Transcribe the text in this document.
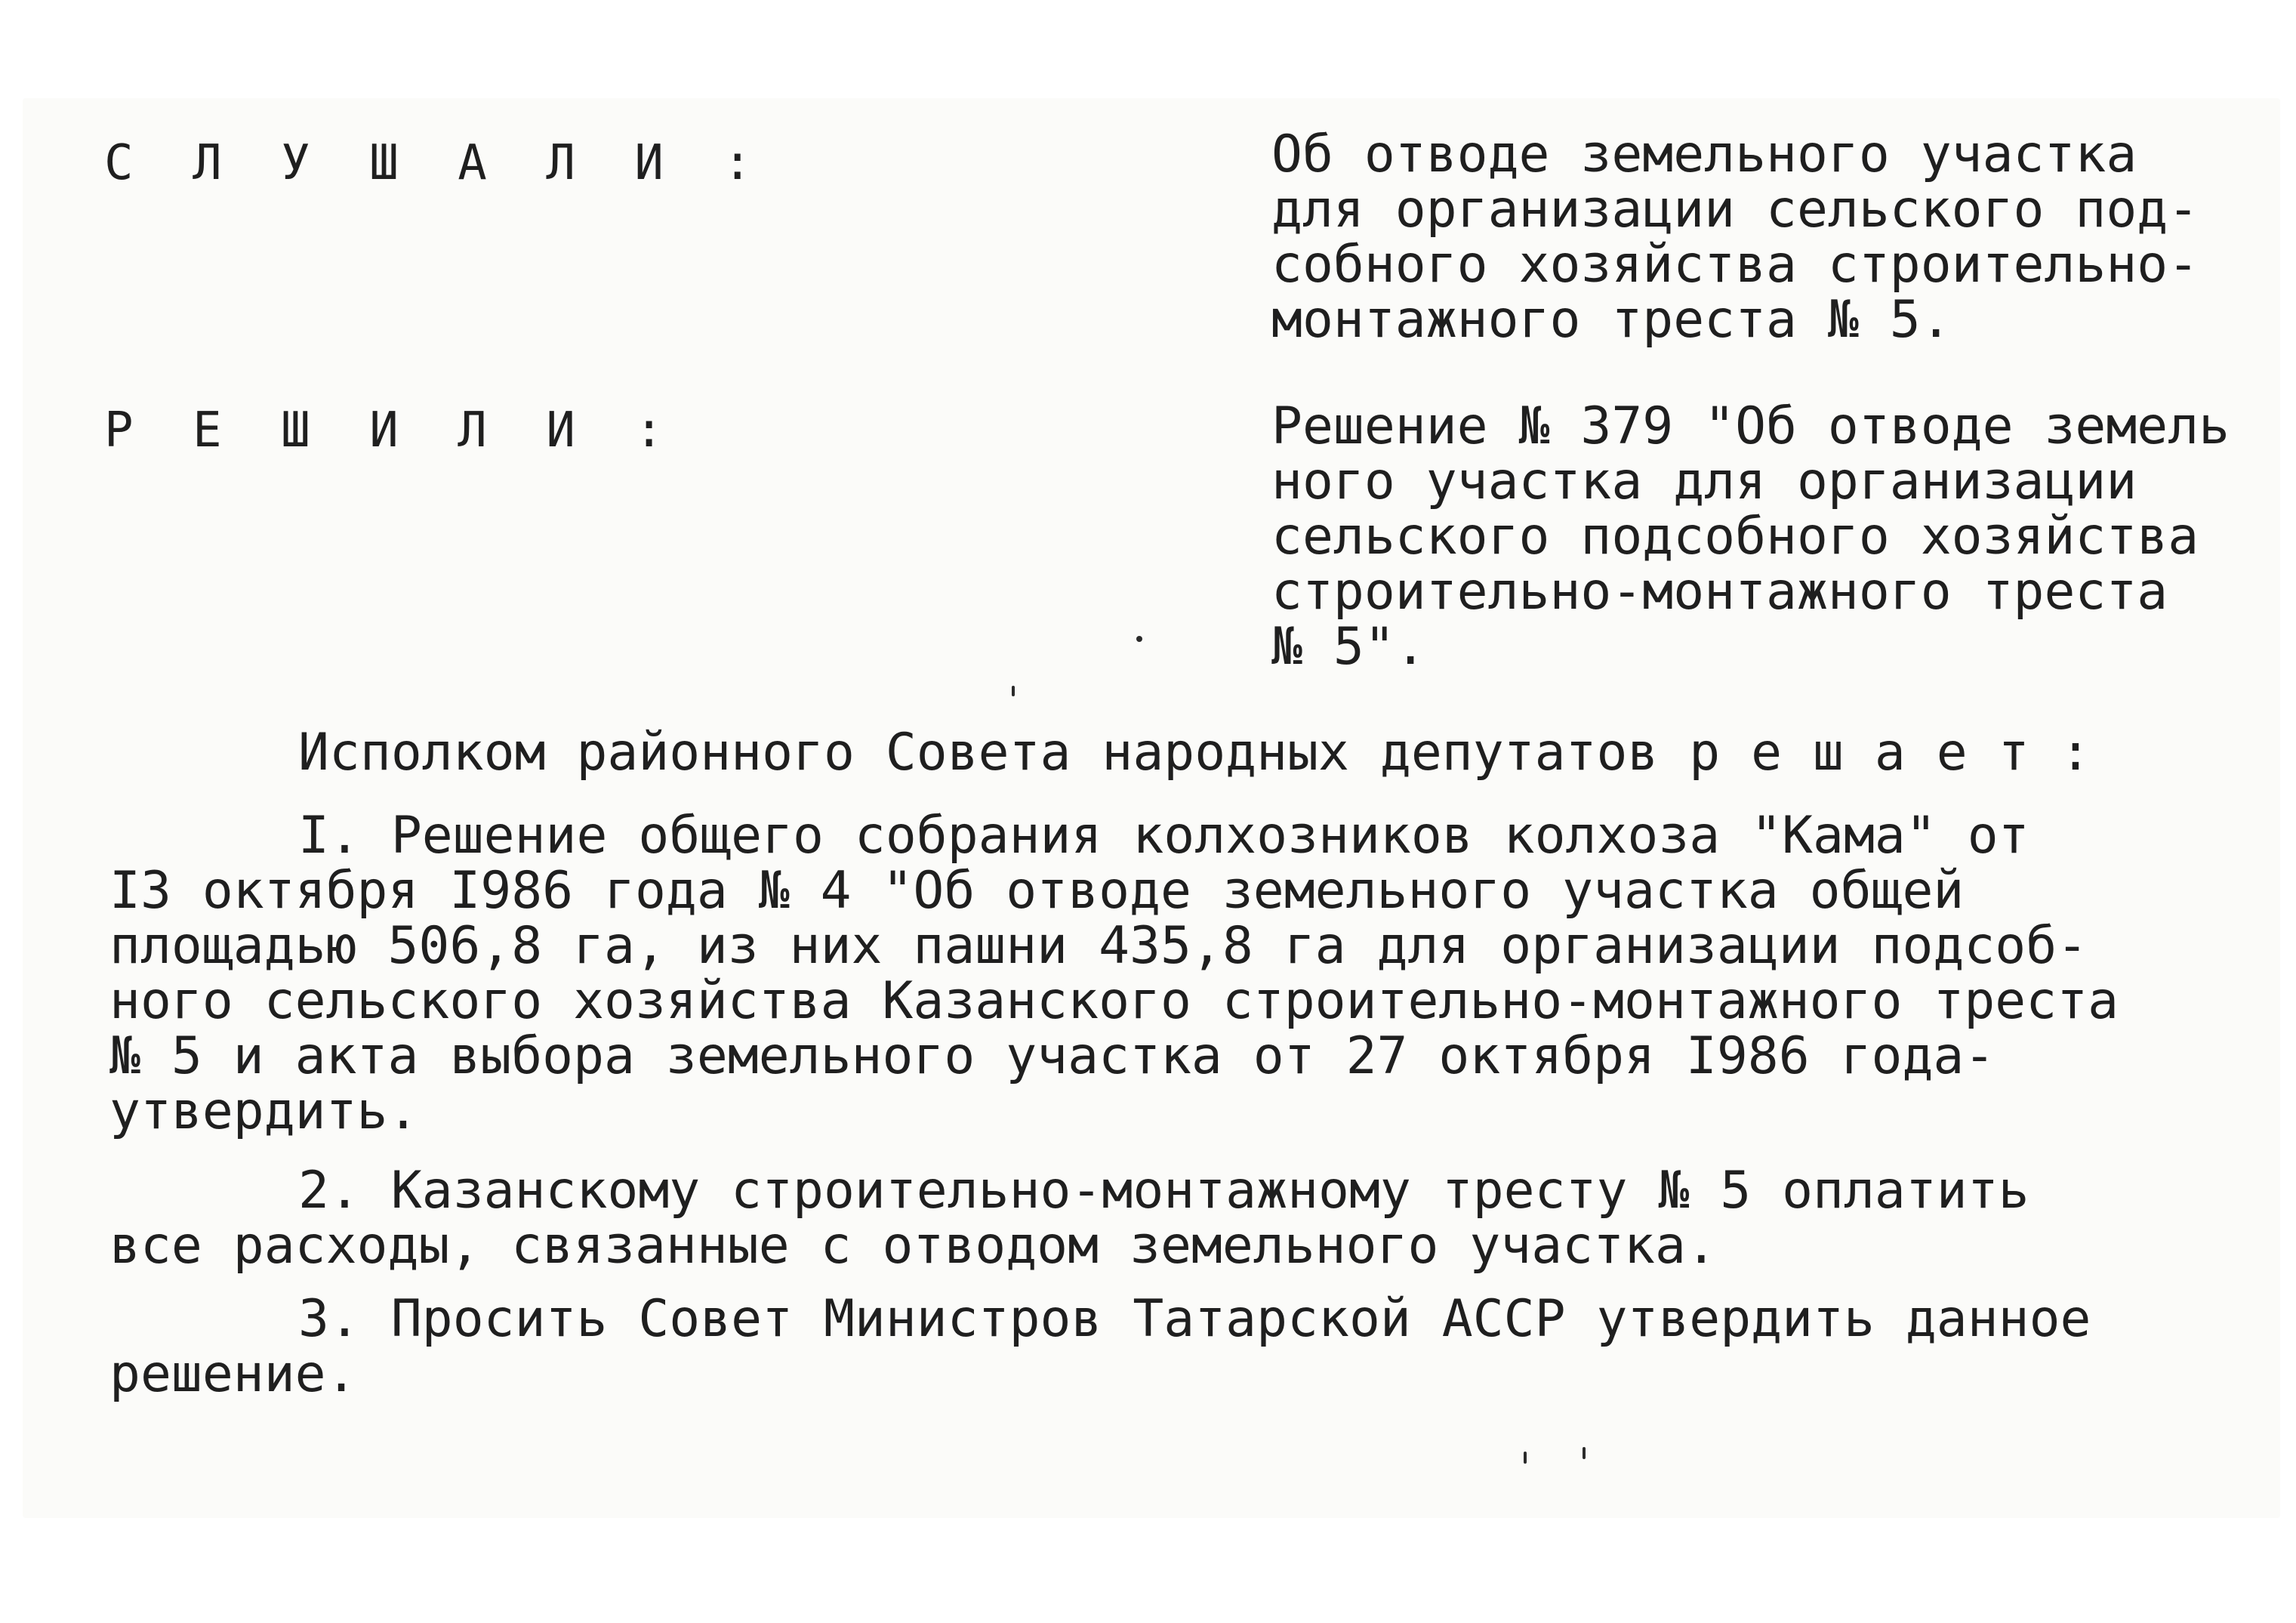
С Л У Ш А Л И :	Об отводе земельного участка
для организации сельского под-
собного хозяйства строительно-
монтажного треста № 5.
Р Е Ш И Л И :	Решение № 379 "Об отводе земель
ного участка для организации
сельского подсобного хозяйства
строительно-монтажного треста
№ 5".
Исполком районного Совета народных депутатов р е ш а е т :
I. Решение общего собрания колхозников колхоза "Кама" от
I3 октября I986 года № 4 "Об отводе земельного участка общей
площадью 506,8 га, из них пашни 435,8 га для организации подсоб-
ного сельского хозяйства Казанского строительно-монтажного треста
№ 5 и акта выбора земельного участка от 27 октября I986 года-
утвердить.
2. Казанскому строительно-монтажному тресту № 5 оплатить
все расходы, связанные с отводом земельного участка.
3. Просить Совет Министров Татарской АССР утвердить данное
решение.
